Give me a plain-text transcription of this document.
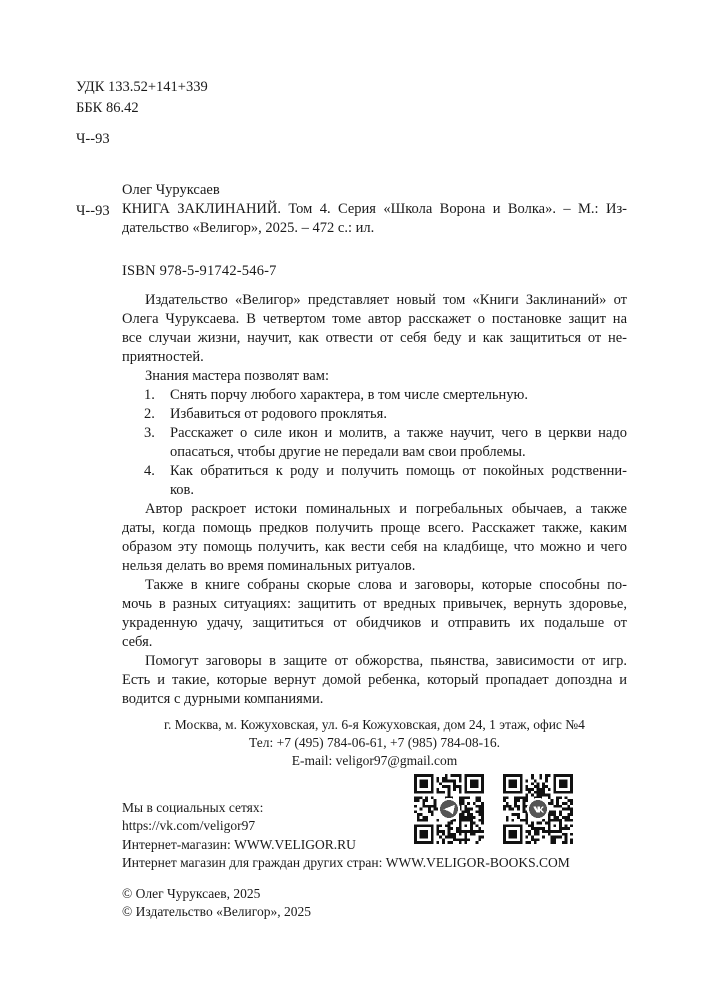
УДК 133.52+141+339
ББК 86.42
Ч--93
Ч--93
Олег Чуруксаев
КНИГА ЗАКЛИНАНИЙ. Том 4. Серия «Школа Ворона и Волка». – М.: Из-
дательство «Велигор», 2025. – 472 с.: ил.
ISBN 978-5-91742-546-7

Издательство «Велигор» представляет новый том «Книги Заклинаний» от
Олега Чуруксаева. В четвертом томе автор расскажет о постановке защит на
все случаи жизни, научит, как отвести от себя беду и как защититься от не-
приятностей.

Знания мастера позволят вам:

1. Снять порчу любого характера, в том числе смертельную.
2. Избавиться от родового проклятья.
3. Расскажет о силе икон и молитв, а также научит, чего в церкви надо
опасаться, чтобы другие не передали вам свои проблемы.
4. Как обратиться к роду и получить помощь от покойных родственни-
ков.

Автор раскроет истоки поминальных и погребальных обычаев, а также
даты, когда помощь предков получить проще всего. Расскажет также, каким
образом эту помощь получить, как вести себя на кладбище, что можно и чего
нельзя делать во время поминальных ритуалов.

Также в книге собраны скорые слова и заговоры, которые способны по-
мочь в разных ситуациях: защитить от вредных привычек, вернуть здоровье,
украденную удачу, защититься от обидчиков и отправить их подальше от
себя.

Помогут заговоры в защите от обжорства, пьянства, зависимости от игр.
Есть и такие, которые вернут домой ребенка, который пропадает допоздна и
водится с дурными компаниями.

г. Москва, м. Кожуховская, ул. 6-я Кожуховская, дом 24, 1 этаж, офис №4
Тел: +7 (495) 784-06-61, +7 (985) 784-08-16.
E-mail: veligor97@gmail.com
Мы в социальных сетях:
https://vk.com/veligor97
Интернет-магазин: WWW.VELIGOR.RU
Интернет магазин для граждан других стран: WWW.VELIGOR-BOOKS.COM
© Олег Чуруксаев, 2025
© Издательство «Велигор», 2025
